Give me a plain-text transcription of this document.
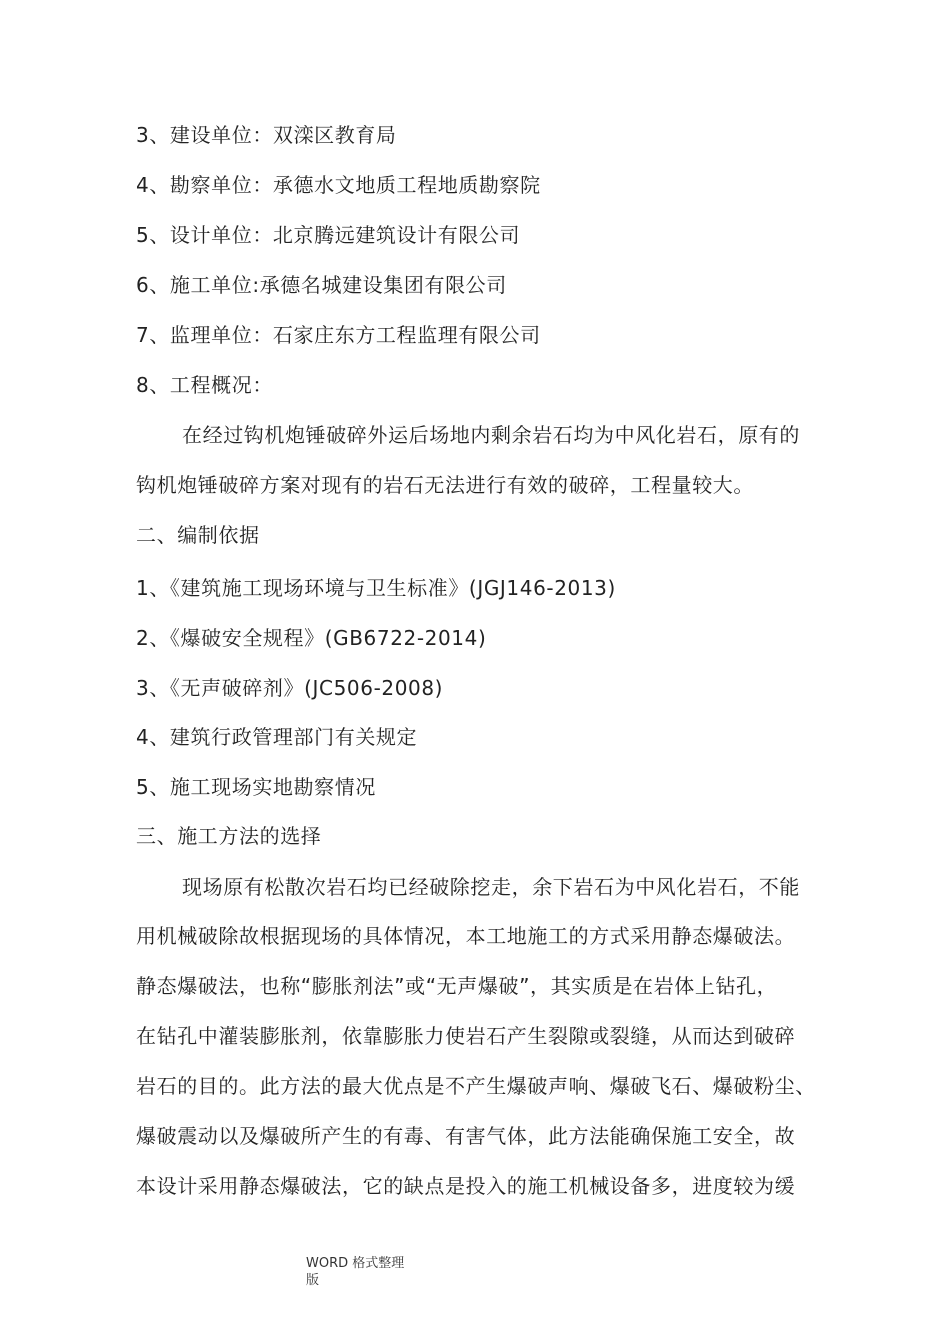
3、建设单位：双滦区教育局
4、勘察单位：承德水文地质工程地质勘察院
5、设计单位：北京腾远建筑设计有限公司
6、施工单位:承德名城建设集团有限公司
7、监理单位：石家庄东方工程监理有限公司
8、工程概况：
在经过钩机炮锤破碎外运后场地内剩余岩石均为中风化岩石，原有的
钩机炮锤破碎方案对现有的岩石无法进行有效的破碎，工程量较大。
二、编制依据
1、《建筑施工现场环境与卫生标准》(JGJ146-2013)
2、《爆破安全规程》(GB6722-2014)
3、《无声破碎剂》(JC506-2008)
4、建筑行政管理部门有关规定
5、施工现场实地勘察情况
三、施工方法的选择
现场原有松散次岩石均已经破除挖走，余下岩石为中风化岩石，不能
用机械破除故根据现场的具体情况，本工地施工的方式采用静态爆破法。
静态爆破法，也称“膨胀剂法”或“无声爆破”，其实质是在岩体上钻孔，
在钻孔中灌装膨胀剂，依靠膨胀力使岩石产生裂隙或裂缝，从而达到破碎
岩石的目的。此方法的最大优点是不产生爆破声响、爆破飞石、爆破粉尘、
爆破震动以及爆破所产生的有毒、有害气体，此方法能确保施工安全，故
本设计采用静态爆破法，它的缺点是投入的施工机械设备多，进度较为缓
WORD 格式整理
版
